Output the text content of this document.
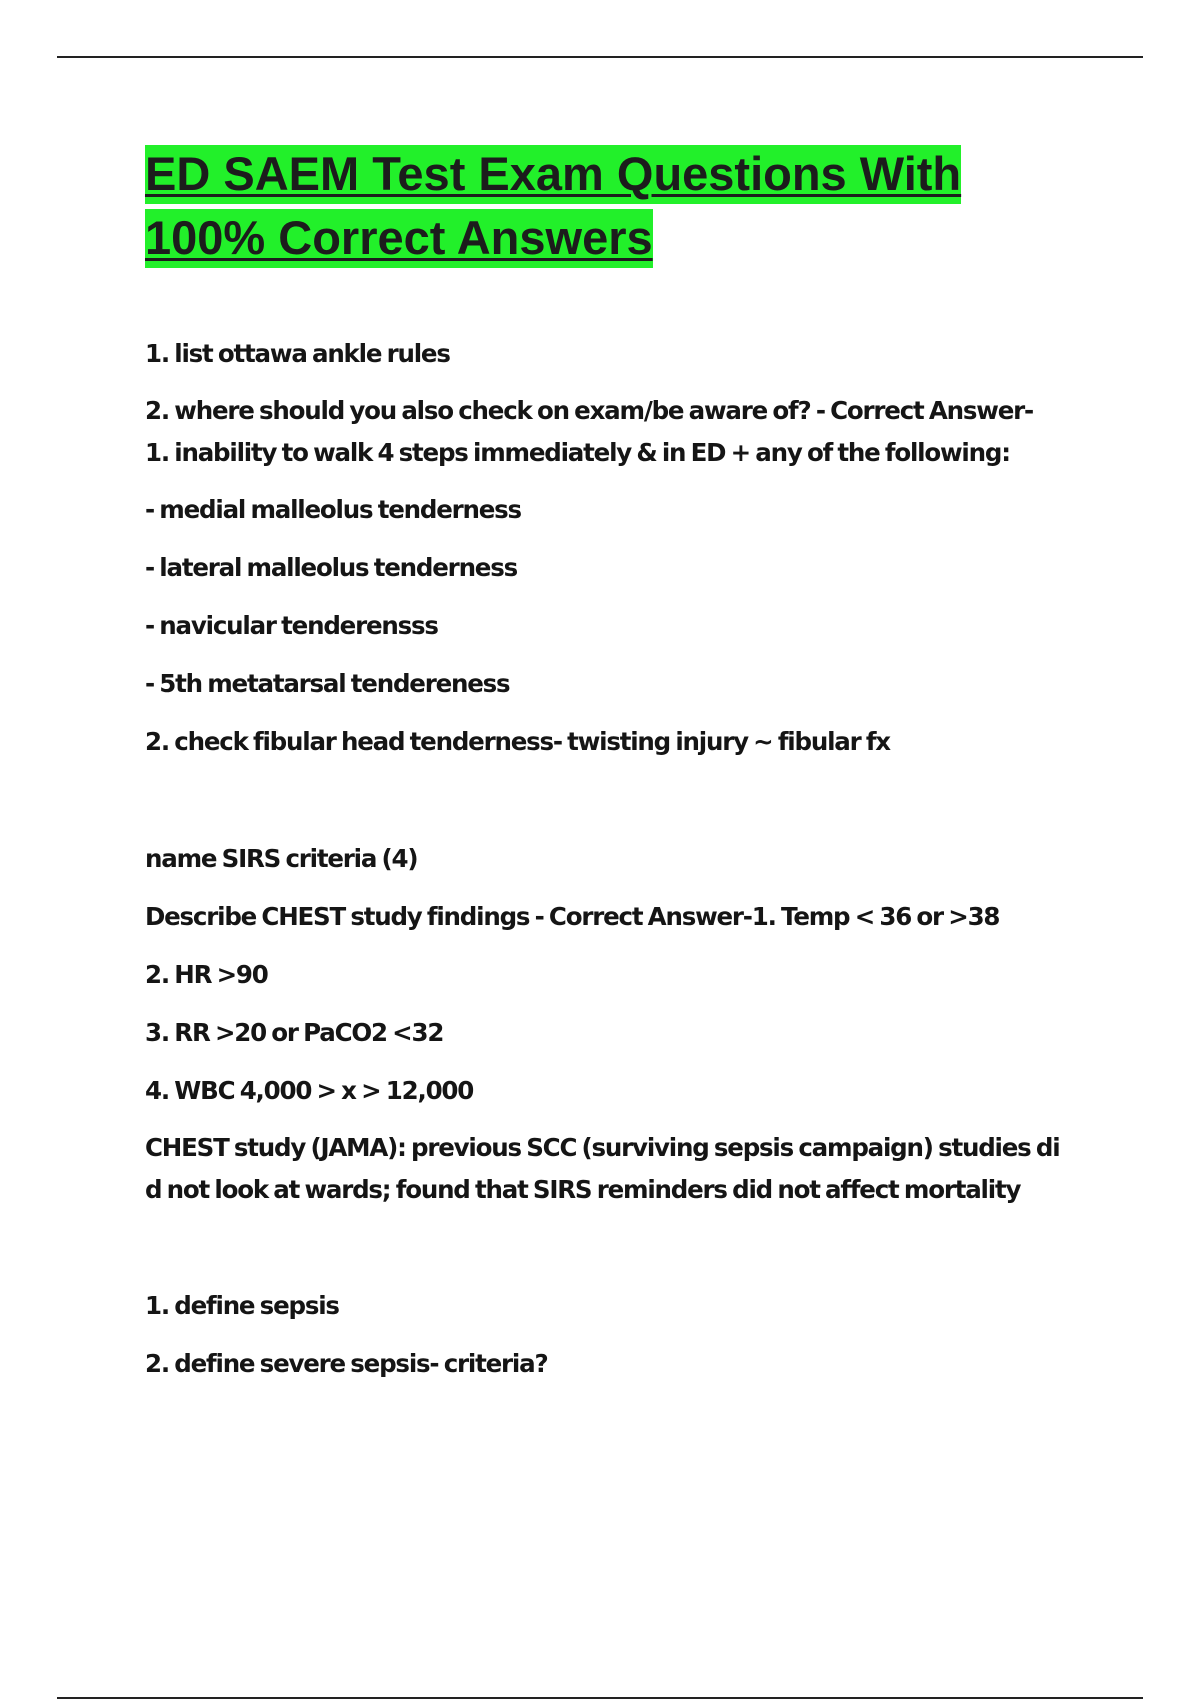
ED SAEM Test Exam Questions With
100% Correct Answers

1. list ottawa ankle rules

2. where should you also check on exam/be aware of? - Correct Answer-
1. inability to walk 4 steps immediately & in ED + any of the following:

- medial malleolus tenderness

- lateral malleolus tenderness

- navicular tenderensss

- 5th metatarsal tendereness

2. check fibular head tenderness- twisting injury ~ fibular fx

name SIRS criteria (4)

Describe CHEST study findings - Correct Answer-1. Temp < 36 or >38

2. HR >90

3. RR >20 or PaCO2 <32

4. WBC 4,000 > x > 12,000

CHEST study (JAMA): previous SCC (surviving sepsis campaign) studies di
d not look at wards; found that SIRS reminders did not affect mortality

1. define sepsis

2. define severe sepsis- criteria?
